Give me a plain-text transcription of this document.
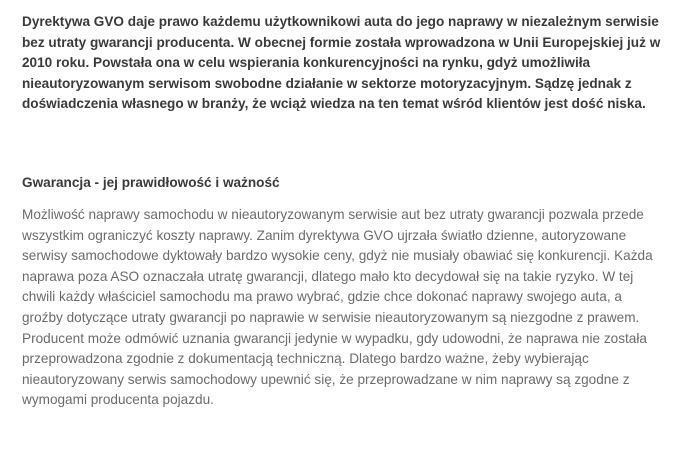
Dyrektywa GVO daje prawo każdemu użytkownikowi auta do jego naprawy w niezależnym serwisie bez utraty gwarancji producenta. W obecnej formie została wprowadzona w Unii Europejskiej już w 2010 roku. Powstała ona w celu wspierania konkurencyjności na rynku, gdyż umożliwiła nieautoryzowanym serwisom swobodne działanie w sektorze motoryzacyjnym. Sądzę jednak z doświadczenia własnego w branży, że wciąż wiedza na ten temat wśród klientów jest dość niska.

Gwarancja - jej prawidłowość i ważność

Możliwość naprawy samochodu w nieautoryzowanym serwisie aut bez utraty gwarancji pozwala przede wszystkim ograniczyć koszty naprawy. Zanim dyrektywa GVO ujrzała światło dzienne, autoryzowane serwisy samochodowe dyktowały bardzo wysokie ceny, gdyż nie musiały obawiać się konkurencji. Każda naprawa poza ASO oznaczała utratę gwarancji, dlatego mało kto decydował się na takie ryzyko. W tej chwili każdy właściciel samochodu ma prawo wybrać, gdzie chce dokonać naprawy swojego auta, a groźby dotyczące utraty gwarancji po naprawie w serwisie nieautoryzowanym są niezgodne z prawem. Producent może odmówić uznania gwarancji jedynie w wypadku, gdy udowodni, że naprawa nie została przeprowadzona zgodnie z dokumentacją techniczną. Dlatego bardzo ważne, żeby wybierając nieautoryzowany serwis samochodowy upewnić się, że przeprowadzane w nim naprawy są zgodne z wymogami producenta pojazdu.
